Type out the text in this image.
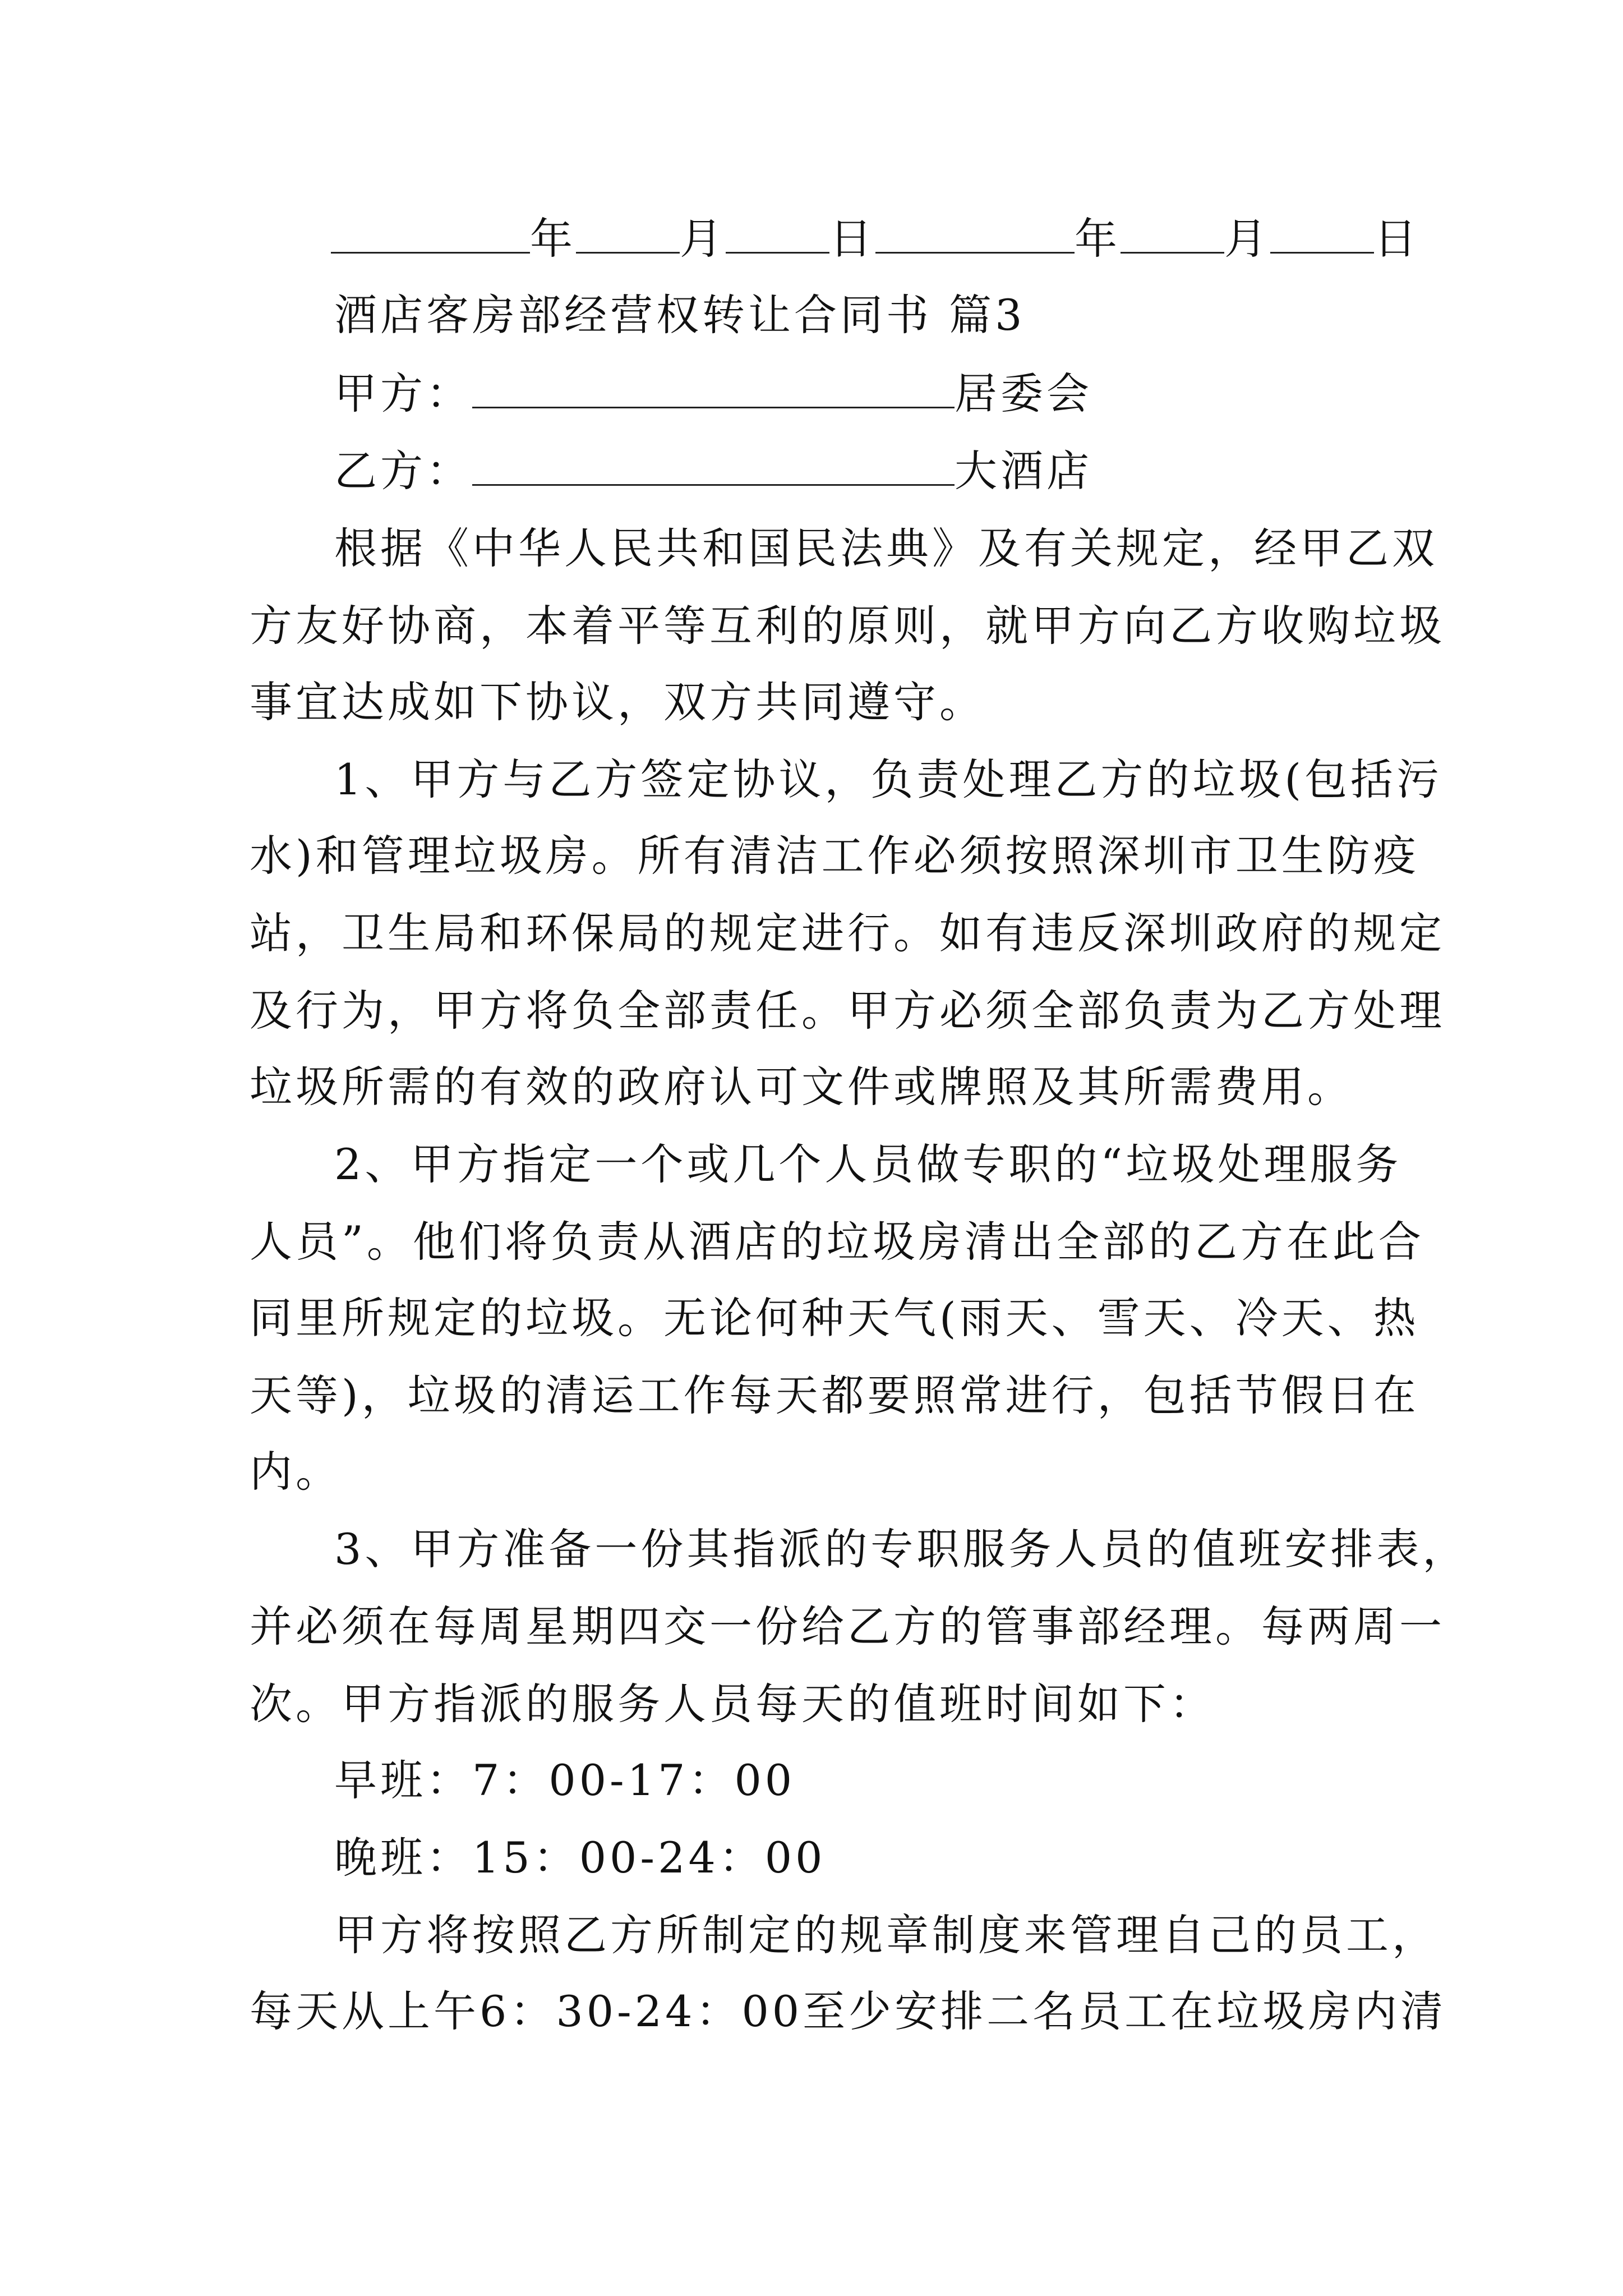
年 月 日	年 月 日
酒店客房部经营权转让合同书 篇3
甲方：	居委会
乙方：	大酒店
根据《中华人民共和国民法典》及有关规定，经甲乙双
方友好协商，本着平等互利的原则，就甲方向乙方收购垃圾
事宜达成如下协议，双方共同遵守。
1、甲方与乙方签定协议，负责处理乙方的垃圾(包括污
水)和管理垃圾房。所有清洁工作必须按照深圳市卫生防疫
站，卫生局和环保局的规定进行。如有违反深圳政府的规定
及行为，甲方将负全部责任。甲方必须全部负责为乙方处理
垃圾所需的有效的政府认可文件或牌照及其所需费用。
2、甲方指定一个或几个人员做专职的“垃圾处理服务
人员”。他们将负责从酒店的垃圾房清出全部的乙方在此合
同里所规定的垃圾。无论何种天气(雨天、雪天、冷天、热
天等)，垃圾的清运工作每天都要照常进行，包括节假日在
内。
3、甲方准备一份其指派的专职服务人员的值班安排表，
并必须在每周星期四交一份给乙方的管事部经理。每两周一
次。甲方指派的服务人员每天的值班时间如下：
早班：7：00-17：00
晚班：15：00-24：00
甲方将按照乙方所制定的规章制度来管理自己的员工，
每天从上午6：30-24：00至少安排二名员工在垃圾房内清
